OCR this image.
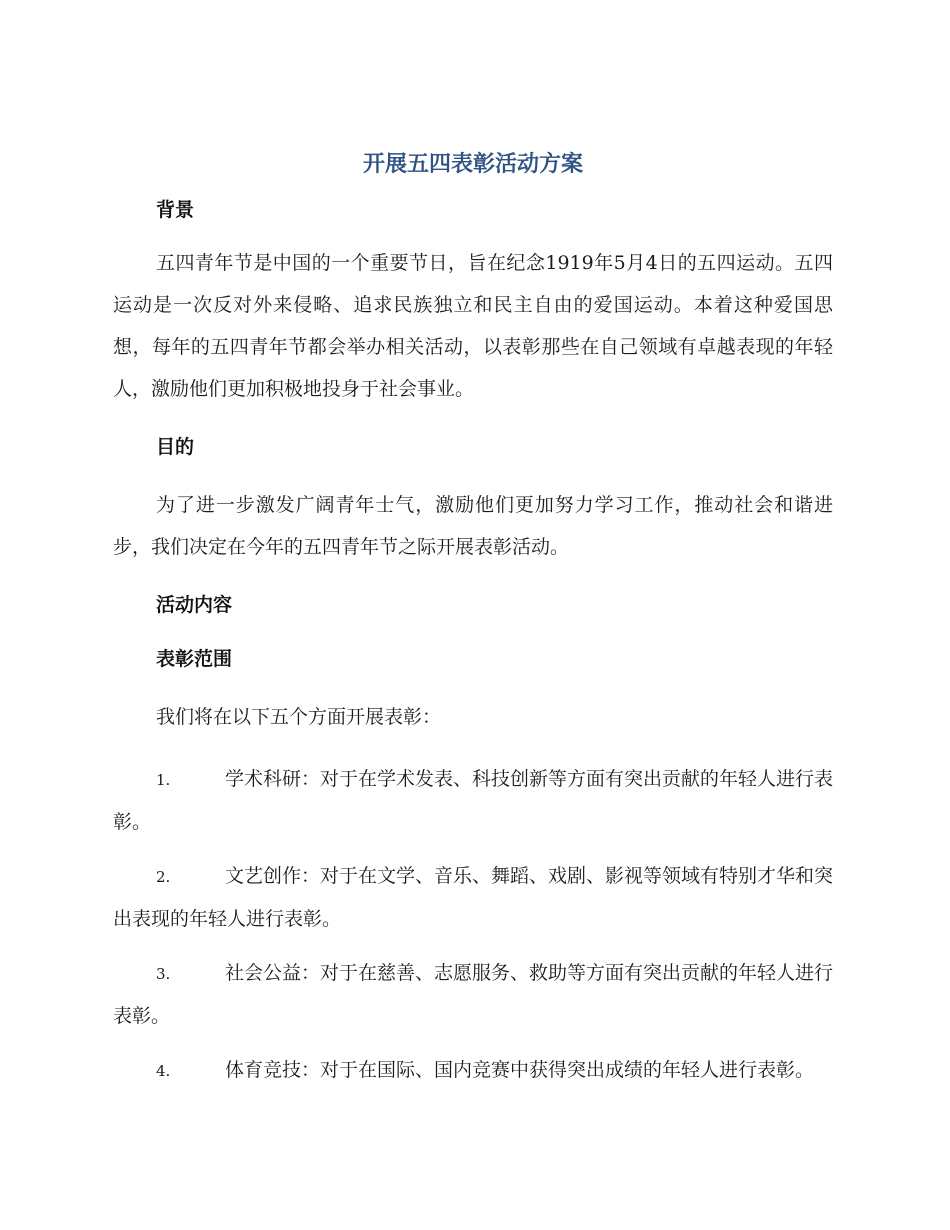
开展五四表彰活动方案
背景

五四青年节是中国的一个重要节日，旨在纪念1919年5月4日的五四运动。五四运动是一次反对外来侵略、追求民族独立和民主自由的爱国运动。本着这种爱国思想，每年的五四青年节都会举办相关活动，以表彰那些在自己领域有卓越表现的年轻人，激励他们更加积极地投身于社会事业。

目的

为了进一步激发广阔青年士气，激励他们更加努力学习工作，推动社会和谐进步，我们决定在今年的五四青年节之际开展表彰活动。

活动内容
表彰范围

我们将在以下五个方面开展表彰：

1.	学术科研：对于在学术发表、科技创新等方面有突出贡献的年轻人进行表彰。
2.	文艺创作：对于在文学、音乐、舞蹈、戏剧、影视等领域有特别才华和突出表现的年轻人进行表彰。
3.	社会公益：对于在慈善、志愿服务、救助等方面有突出贡献的年轻人进行表彰。
4.	体育竞技：对于在国际、国内竞赛中获得突出成绩的年轻人进行表彰。
